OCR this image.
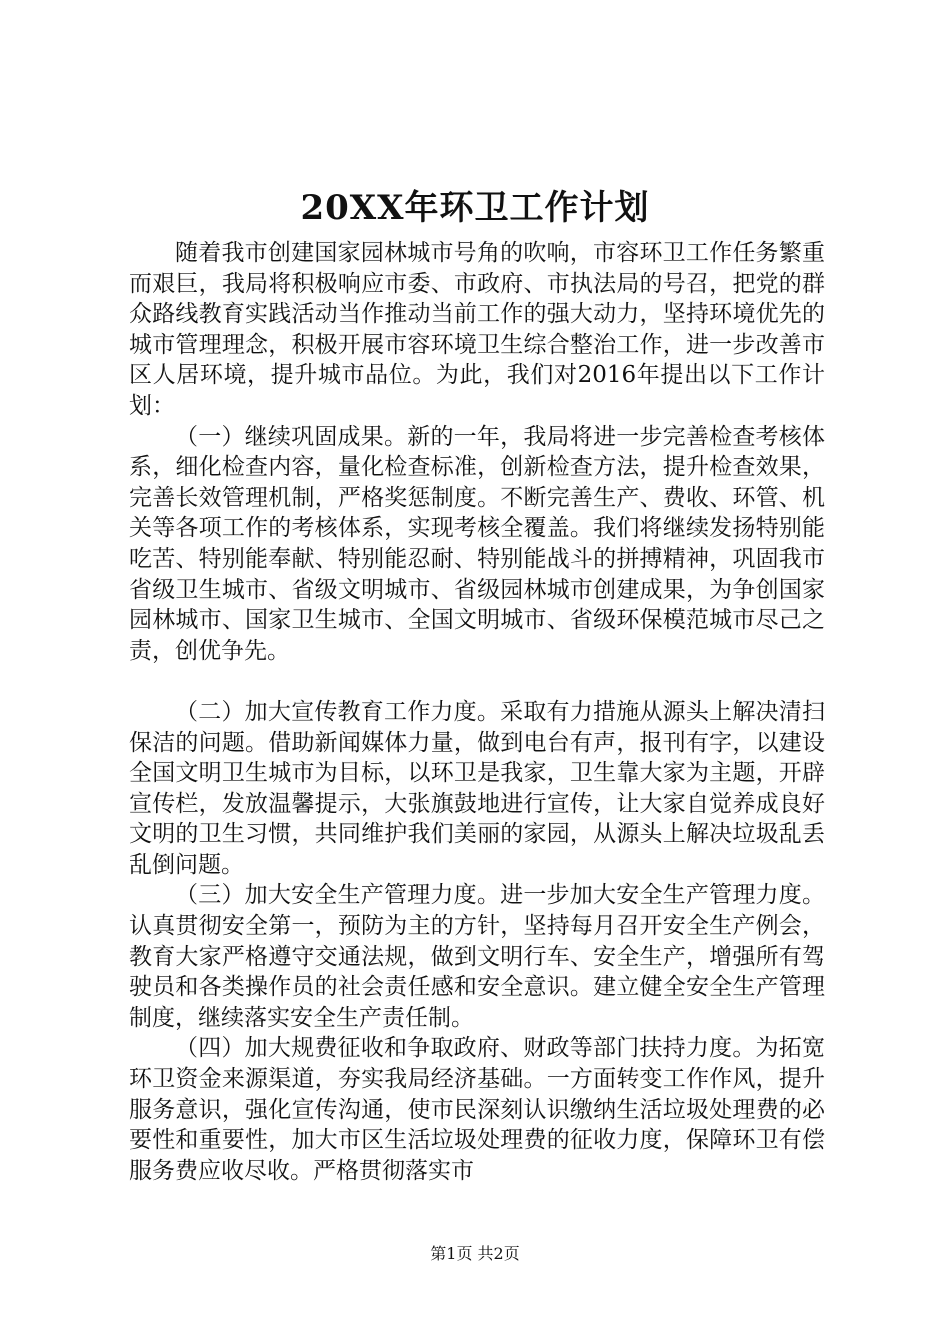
20XX年环卫工作计划

随着我市创建国家园林城市号角的吹响，市容环卫工作任务繁重而艰巨，我局将积极响应市委、市政府、市执法局的号召，把党的群众路线教育实践活动当作推动当前工作的强大动力，坚持环境优先的城市管理理念，积极开展市容环境卫生综合整治工作，进一步改善市区人居环境，提升城市品位。为此，我们对2016年提出以下工作计划：

（一）继续巩固成果。新的一年，我局将进一步完善检查考核体系，细化检查内容，量化检查标准，创新检查方法，提升检查效果，完善长效管理机制，严格奖惩制度。不断完善生产、费收、环管、机关等各项工作的考核体系，实现考核全覆盖。我们将继续发扬特别能吃苦、特别能奉献、特别能忍耐、特别能战斗的拼搏精神，巩固我市省级卫生城市、省级文明城市、省级园林城市创建成果，为争创国家园林城市、国家卫生城市、全国文明城市、省级环保模范城市尽己之责，创优争先。

（二）加大宣传教育工作力度。采取有力措施从源头上解决清扫保洁的问题。借助新闻媒体力量，做到电台有声，报刊有字，以建设全国文明卫生城市为目标，以环卫是我家，卫生靠大家为主题，开辟宣传栏，发放温馨提示，大张旗鼓地进行宣传，让大家自觉养成良好文明的卫生习惯，共同维护我们美丽的家园，从源头上解决垃圾乱丢乱倒问题。

（三）加大安全生产管理力度。进一步加大安全生产管理力度。认真贯彻安全第一，预防为主的方针，坚持每月召开安全生产例会，教育大家严格遵守交通法规，做到文明行车、安全生产，增强所有驾驶员和各类操作员的社会责任感和安全意识。建立健全安全生产管理制度，继续落实安全生产责任制。

（四）加大规费征收和争取政府、财政等部门扶持力度。为拓宽环卫资金来源渠道，夯实我局经济基础。一方面转变工作作风，提升服务意识，强化宣传沟通，使市民深刻认识缴纳生活垃圾处理费的必要性和重要性，加大市区生活垃圾处理费的征收力度，保障环卫有偿服务费应收尽收。严格贯彻落实市

第1页 共2页
